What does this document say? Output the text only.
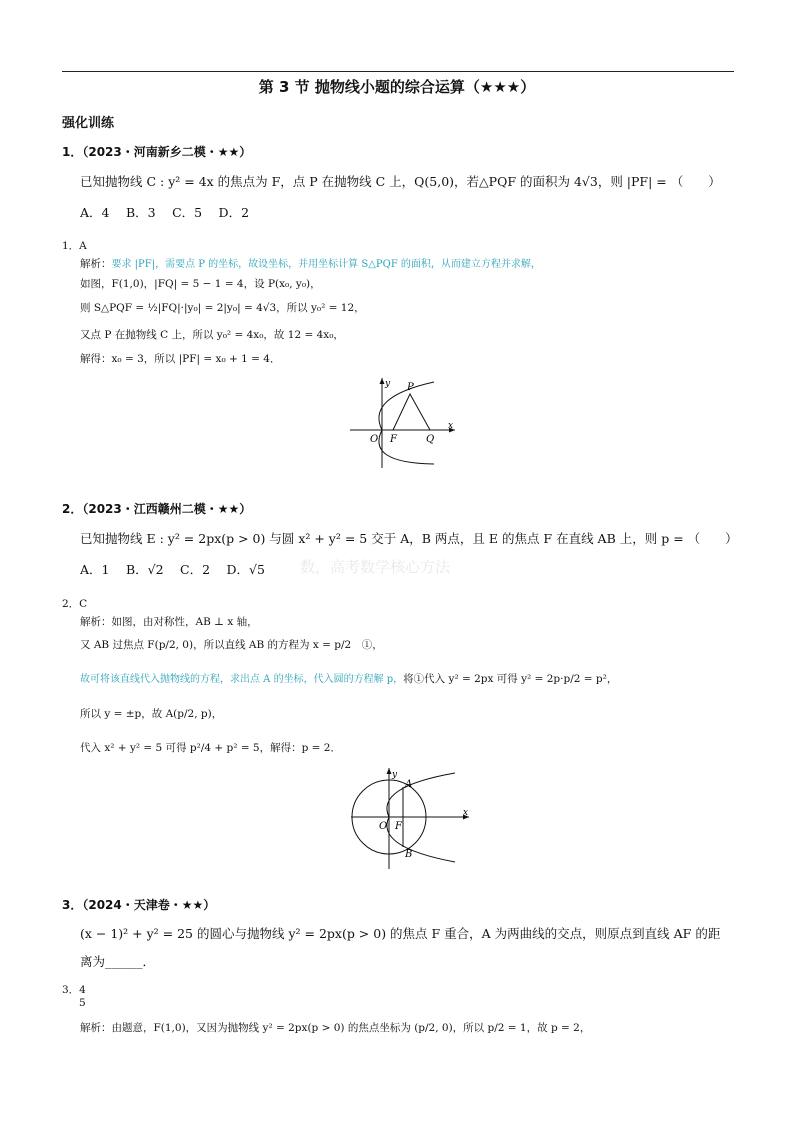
第 3 节 抛物线小题的综合运算（★★★）
强化训练
1．（2023・河南新乡二模・★★）
已知抛物线 C : y² = 4x 的焦点为 F，点 P 在抛物线 C 上，Q(5,0)，若△PQF 的面积为 4√3，则 |PF| = （　　）
A．4　 B．3　 C．5　 D．2
1．A
解析：要求 |PF|，需要点 P 的坐标，故设坐标，并用坐标计算 S△PQF 的面积，从而建立方程并求解，
如图，F(1,0)，|FQ| = 5 − 1 = 4，设 P(x₀, y₀)，
则 S△PQF = ½|FQ|·|y₀| = 2|y₀| = 4√3，所以 y₀² = 12，
又点 P 在抛物线 C 上，所以 y₀² = 4x₀，故 12 = 4x₀，
解得：x₀ = 3，所以 |PF| = x₀ + 1 = 4．
y
x
P
O F	Q
2．（2023・江西赣州二模・★★）
已知抛物线 E : y² = 2px(p > 0) 与圆 x² + y² = 5 交于 A，B 两点，且 E 的焦点 F 在直线 AB 上，则 p = （　　）
数，高考数学核心方法
A．1　 B．√2　 C．2　 D．√5
2．C
解析：如图，由对称性，AB ⊥ x 轴，
又 AB 过焦点 F(p/2, 0)，所以直线 AB 的方程为 x = p/2　①，
故可将该直线代入抛物线的方程，求出点 A 的坐标，代入圆的方程解 p，将①代入 y² = 2px 可得 y² = 2p·p/2 = p²，
所以 y = ±p，故 A(p/2, p)，
代入 x² + y² = 5 可得 p²/4 + p² = 5，解得：p = 2．
y
x
A
O F
B
3．（2024・天津卷・★★）
(x − 1)² + y² = 25 的圆心与抛物线 y² = 2px(p > 0) 的焦点 F 重合，A 为两曲线的交点，则原点到直线 AF 的距
离为______．
3．4
5
解析：由题意，F(1,0)，又因为抛物线 y² = 2px(p > 0) 的焦点坐标为 (p/2, 0)，所以 p/2 = 1，故 p = 2，
